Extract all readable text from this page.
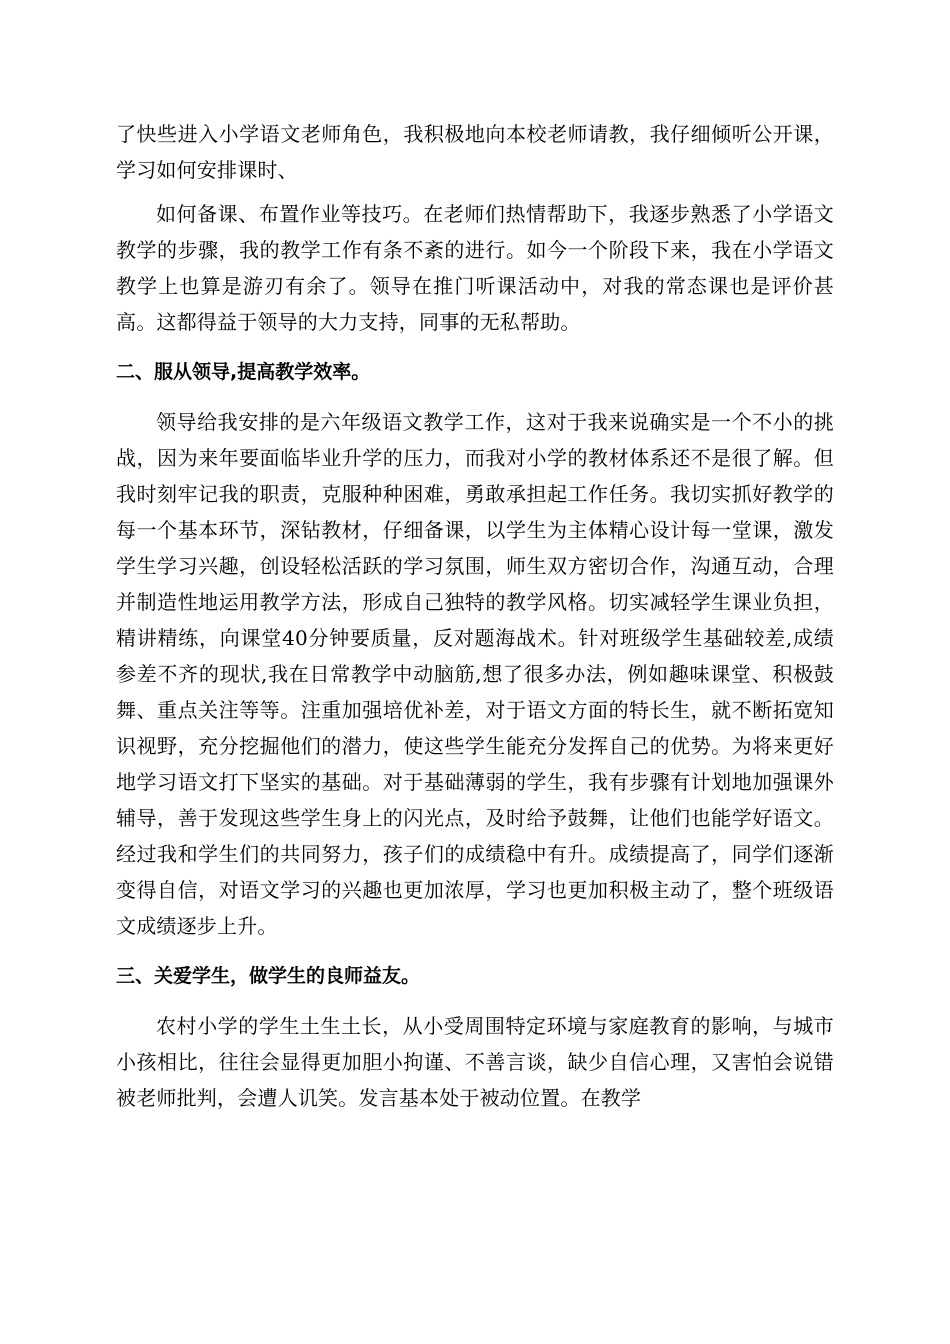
了快些进入小学语文老师角色，我积极地向本校老师请教，我仔细倾听公开课，学习如何安排课时、

如何备课、布置作业等技巧。在老师们热情帮助下，我逐步熟悉了小学语文教学的步骤，我的教学工作有条不紊的进行。如今一个阶段下来，我在小学语文教学上也算是游刃有余了。领导在推门听课活动中，对我的常态课也是评价甚高。这都得益于领导的大力支持，同事的无私帮助。

二、服从领导,提高教学效率。

领导给我安排的是六年级语文教学工作，这对于我来说确实是一个不小的挑战，因为来年要面临毕业升学的压力，而我对小学的教材体系还不是很了解。但我时刻牢记我的职责，克服种种困难，勇敢承担起工作任务。我切实抓好教学的每一个基本环节，深钻教材，仔细备课，以学生为主体精心设计每一堂课，激发学生学习兴趣，创设轻松活跃的学习氛围，师生双方密切合作，沟通互动，合理并制造性地运用教学方法，形成自己独特的教学风格。切实减轻学生课业负担，精讲精练，向课堂40分钟要质量，反对题海战术。针对班级学生基础较差,成绩参差不齐的现状,我在日常教学中动脑筋,想了很多办法，例如趣味课堂、积极鼓舞、重点关注等等。注重加强培优补差，对于语文方面的特长生，就不断拓宽知识视野，充分挖掘他们的潜力，使这些学生能充分发挥自己的优势。为将来更好地学习语文打下坚实的基础。对于基础薄弱的学生，我有步骤有计划地加强课外辅导，善于发现这些学生身上的闪光点，及时给予鼓舞，让他们也能学好语文。经过我和学生们的共同努力，孩子们的成绩稳中有升。成绩提高了，同学们逐渐变得自信，对语文学习的兴趣也更加浓厚，学习也更加积极主动了，整个班级语文成绩逐步上升。

三、关爱学生，做学生的良师益友。

农村小学的学生土生土长，从小受周围特定环境与家庭教育的影响，与城市小孩相比，往往会显得更加胆小拘谨、不善言谈，缺少自信心理，又害怕会说错被老师批判，会遭人讥笑。发言基本处于被动位置。在教学
